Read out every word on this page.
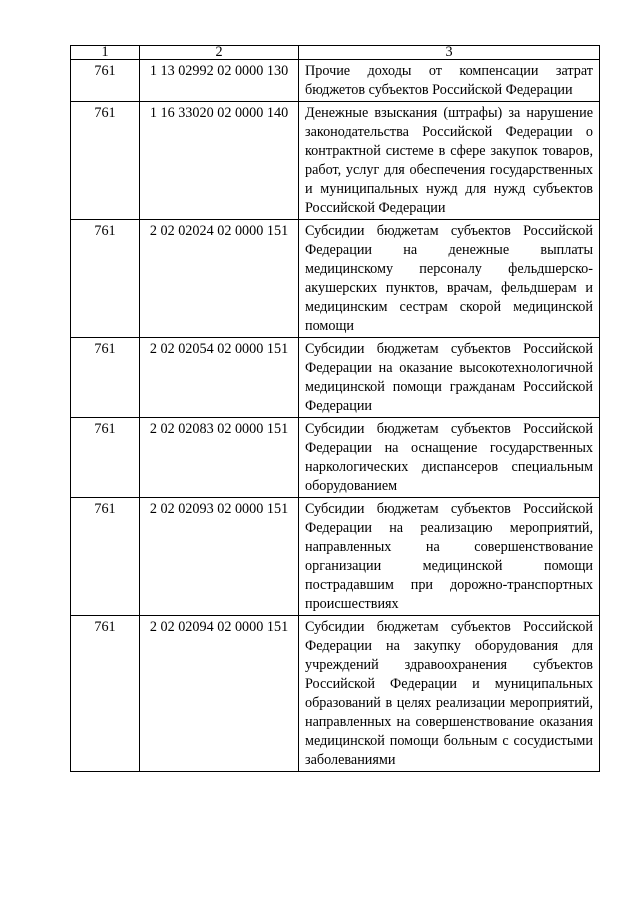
1	2	3
761	1 13 02992 02 0000 130	Прочие доходы от компенсации затрат бюджетов субъектов Российской Федерации
761	1 16 33020 02 0000 140	Денежные взыскания (штрафы) за нарушение законодательства Российской Федерации о контрактной системе в сфере закупок товаров, работ, услуг для обеспечения государственных и муниципальных нужд для нужд субъектов Российской Федерации
761	2 02 02024 02 0000 151	Субсидии бюджетам субъектов Российской Федерации на денежные выплаты медицинскому персоналу фельдшерско-акушерских пунктов, врачам, фельдшерам и медицинским сестрам скорой медицинской помощи
761	2 02 02054 02 0000 151	Субсидии бюджетам субъектов Российской Федерации на оказание высокотехнологичной медицинской помощи гражданам Российской Федерации
761	2 02 02083 02 0000 151	Субсидии бюджетам субъектов Российской Федерации на оснащение государственных наркологических диспансеров специальным оборудованием
761	2 02 02093 02 0000 151	Субсидии бюджетам субъектов Российской Федерации на реализацию мероприятий, направленных на совершенствование организации медицинской помощи пострадавшим при дорожно-транспортных происшествиях
761	2 02 02094 02 0000 151	Субсидии бюджетам субъектов Российской Федерации на закупку оборудования для учреждений здравоохранения субъектов Российской Федерации и муниципальных образований в целях реализации мероприятий, направленных на совершенствование оказания медицинской помощи больным с сосудистыми заболеваниями
